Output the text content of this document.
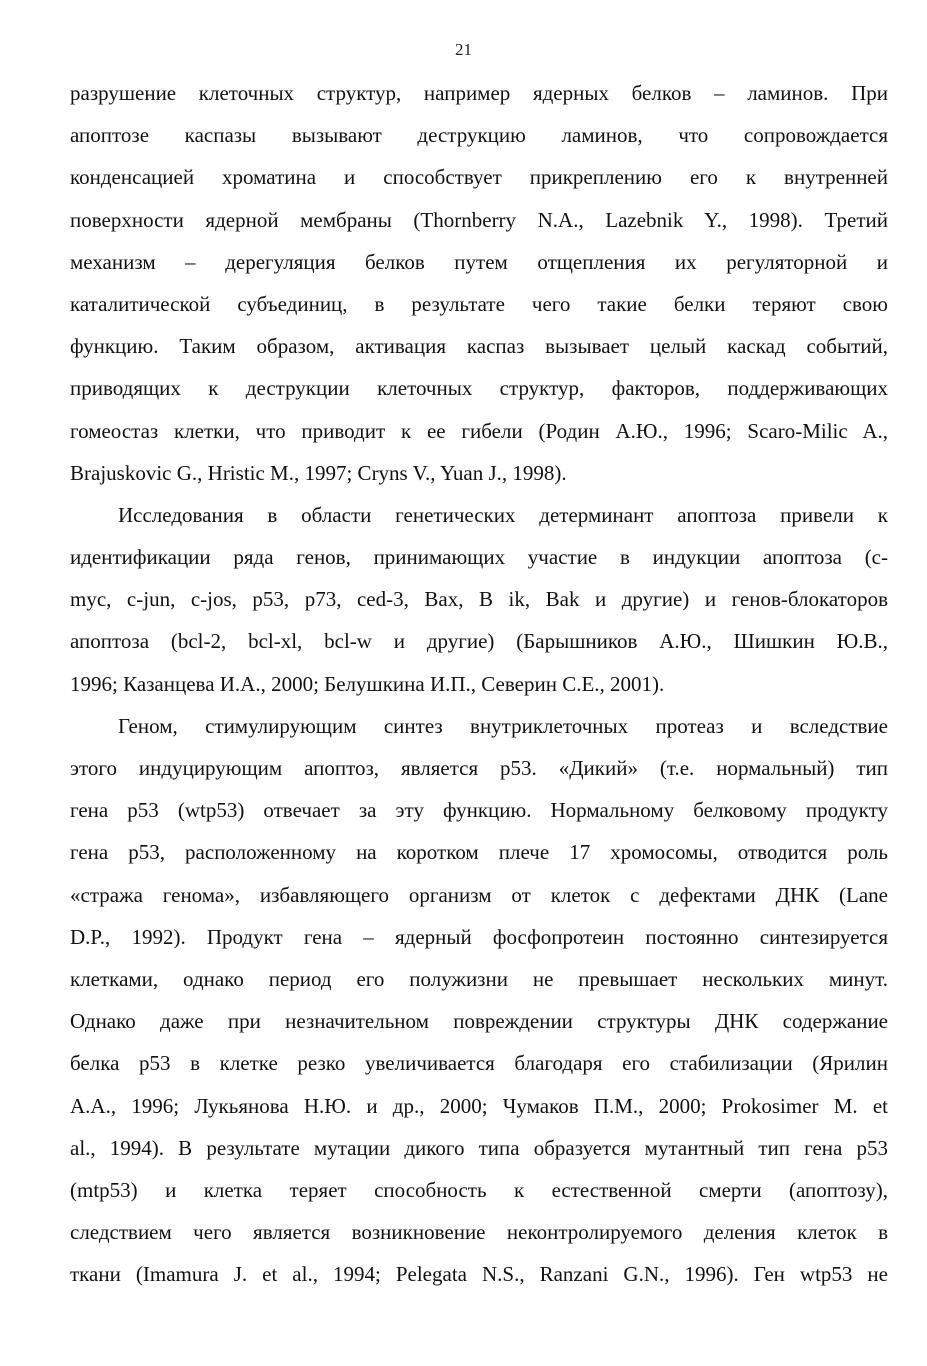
21
разрушение клеточных структур, например ядерных белков – ламинов. При
апоптозе каспазы вызывают деструкцию ламинов, что сопровождается
конденсацией хроматина и способствует прикреплению его к внутренней
поверхности ядерной мембраны (Thornberry N.A., Lazebnik Y., 1998). Третий
механизм – дерегуляция белков путем отщепления их регуляторной и
каталитической субъединиц, в результате чего такие белки теряют свою
функцию. Таким образом, активация каспаз вызывает целый каскад событий,
приводящих к деструкции клеточных структур, факторов, поддерживающих
гомеостаз клетки, что приводит к ее гибели (Родин А.Ю., 1996; Scaro-Milic A.,
Brajuskovic G., Hristic M., 1997; Cryns V., Yuan J., 1998).
Исследования в области генетических детерминант апоптоза привели к
идентификации ряда генов, принимающих участие в индукции апоптоза (c-
myc, c-jun, c-jos, p53, p73, ced-3, Bax, B ik, Bak и другие) и генов-блокаторов
апоптоза (bcl-2, bcl-xl, bcl-w и другие) (Барышников А.Ю., Шишкин Ю.В.,
1996; Казанцева И.А., 2000; Белушкина И.П., Северин С.Е., 2001).
Геном, стимулирующим синтез внутриклеточных протеаз и вследствие
этого индуцирующим апоптоз, является p53. «Дикий» (т.е. нормальный) тип
гена p53 (wtp53) отвечает за эту функцию. Нормальному белковому продукту
гена p53, расположенному на коротком плече 17 хромосомы, отводится роль
«стража генома», избавляющего организм от клеток с дефектами ДНК (Lane
D.P., 1992). Продукт гена – ядерный фосфопротеин постоянно синтезируется
клетками, однако период его полужизни не превышает нескольких минут.
Однако даже при незначительном повреждении структуры ДНК содержание
белка p53 в клетке резко увеличивается благодаря его стабилизации (Ярилин
А.А., 1996; Лукьянова Н.Ю. и др., 2000; Чумаков П.М., 2000; Prokosimer M. et
al., 1994). В результате мутации дикого типа образуется мутантный тип гена p53
(mtp53) и клетка теряет способность к естественной смерти (апоптозу),
следствием чего является возникновение неконтролируемого деления клеток в
ткани (Imamura J. et al., 1994; Pelegata N.S., Ranzani G.N., 1996). Ген wtp53 не
